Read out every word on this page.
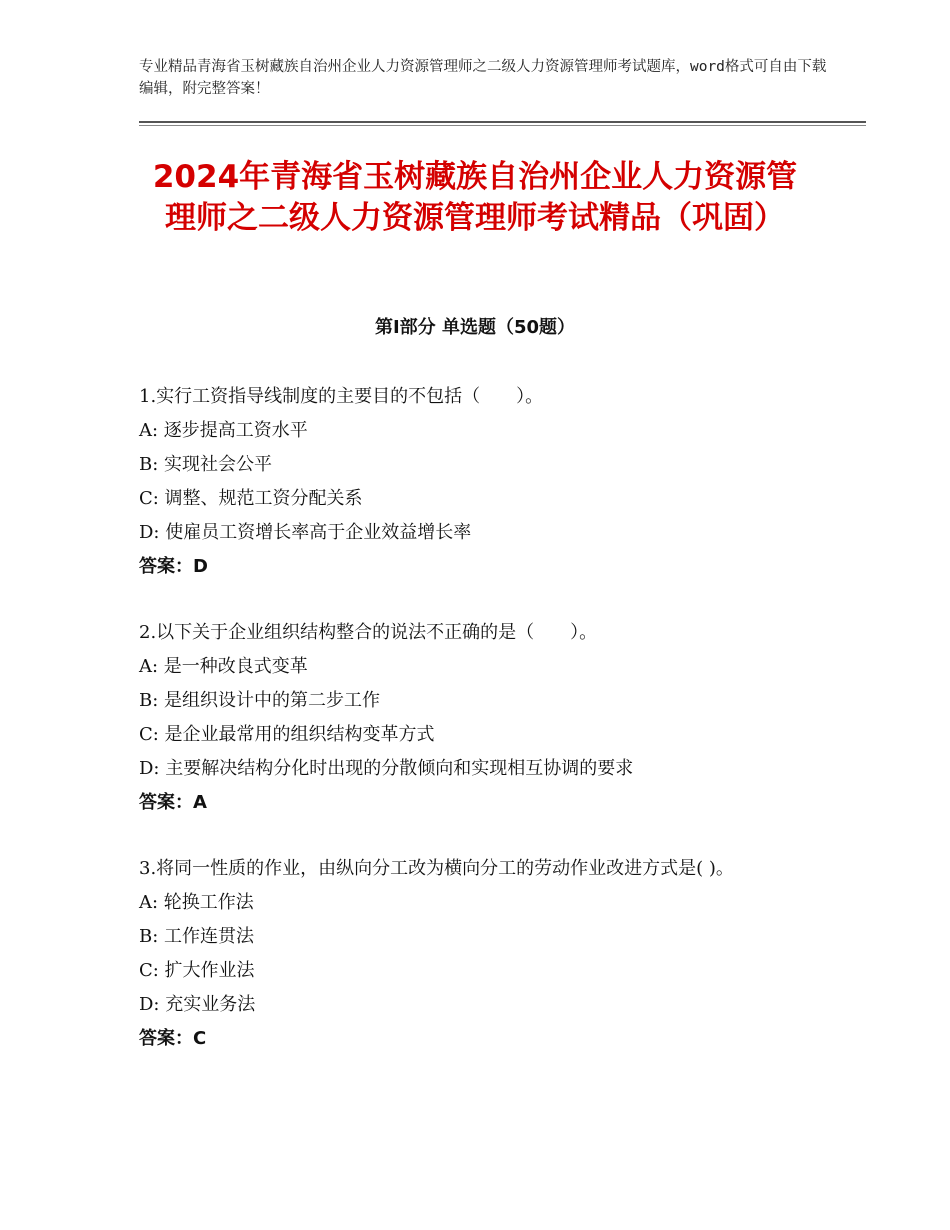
专业精品青海省玉树藏族自治州企业人力资源管理师之二级人力资源管理师考试题库，word格式可自由下载编辑，附完整答案！
2024年青海省玉树藏族自治州企业人力资源管理师之二级人力资源管理师考试精品（巩固）
第Ⅰ部分 单选题（50题）
1.实行工资指导线制度的主要目的不包括（　　）。
A: 逐步提高工资水平
B: 实现社会公平
C: 调整、规范工资分配关系
D: 使雇员工资增长率高于企业效益增长率
答案：D
2.以下关于企业组织结构整合的说法不正确的是（　　）。
A: 是一种改良式变革
B: 是组织设计中的第二步工作
C: 是企业最常用的组织结构变革方式
D: 主要解决结构分化时出现的分散倾向和实现相互协调的要求
答案：A
3.将同一性质的作业，由纵向分工改为横向分工的劳动作业改进方式是( )。
A: 轮换工作法
B: 工作连贯法
C: 扩大作业法
D: 充实业务法
答案：C
